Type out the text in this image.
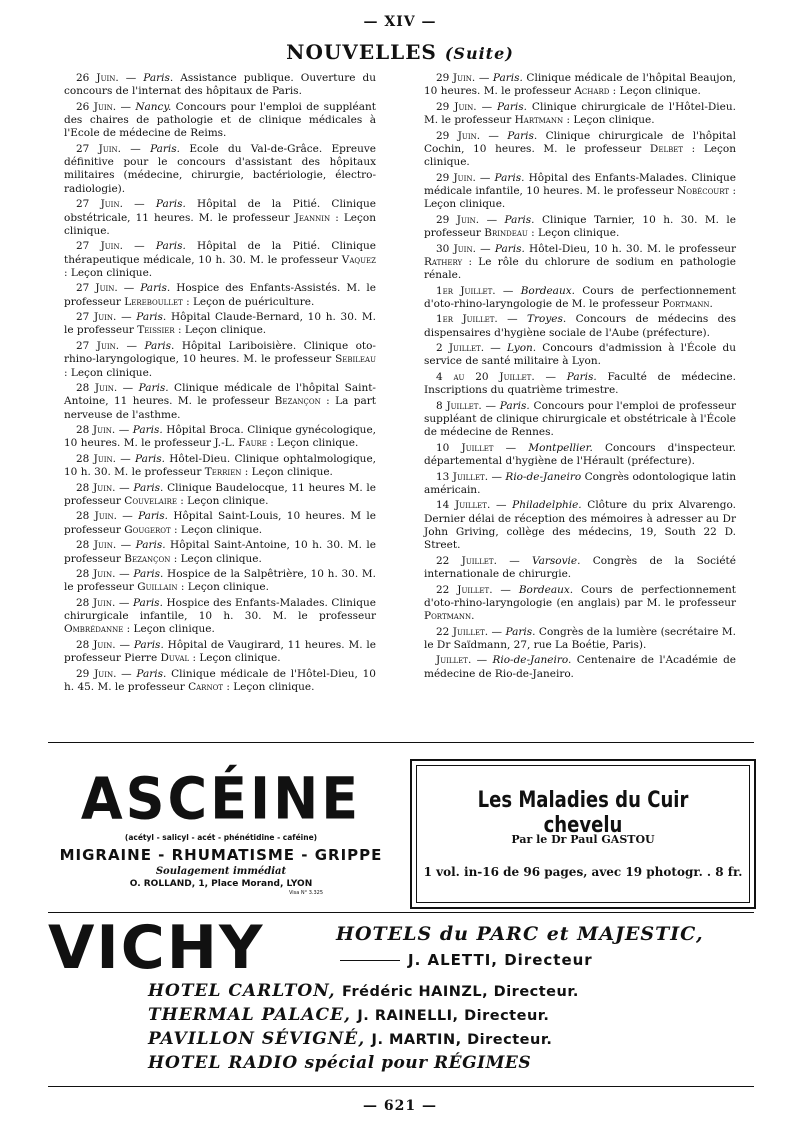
— XIV —
NOUVELLES (Suite)

26 Juin. — Paris. Assistance publique. Ouverture du concours de l'internat des hôpitaux de Paris.

26 Juin. — Nancy. Concours pour l'emploi de suppléant des chaires de pathologie et de clinique médicales à l'Ecole de médecine de Reims.

27 Juin. — Paris. Ecole du Val-de-Grâce. Epreuve définitive pour le concours d'assistant des hôpitaux militaires (médecine, chirurgie, bactériologie, électro-radiologie).

27 Juin. — Paris. Hôpital de la Pitié. Clinique obstétricale, 11 heures. M. le professeur Jeannin : Leçon clinique.

27 Juin. — Paris. Hôpital de la Pitié. Clinique thérapeutique médicale, 10 h. 30. M. le professeur Vaquez : Leçon clinique.

27 Juin. — Paris. Hospice des Enfants-Assistés. M. le professeur Lereboullet : Leçon de puériculture.

27 Juin. — Paris. Hôpital Claude-Bernard, 10 h. 30. M. le professeur Teissier : Leçon clinique.

27 Juin. — Paris. Hôpital Lariboisière. Clinique oto-rhino-laryngologique, 10 heures. M. le professeur Sebileau : Leçon clinique.

28 Juin. — Paris. Clinique médicale de l'hôpital Saint-Antoine, 11 heures. M. le professeur Bezançon : La part nerveuse de l'asthme.

28 Juin. — Paris. Hôpital Broca. Clinique gynécologique, 10 heures. M. le professeur J.-L. Faure : Leçon clinique.

28 Juin. — Paris. Hôtel-Dieu. Clinique ophtalmologique, 10 h. 30. M. le professeur Terrien : Leçon clinique.

28 Juin. — Paris. Clinique Baudelocque, 11 heures M. le professeur Couvelaire : Leçon clinique.

28 Juin. — Paris. Hôpital Saint-Louis, 10 heures. M le professeur Gougerot : Leçon clinique.

28 Juin. — Paris. Hôpital Saint-Antoine, 10 h. 30. M. le professeur Bezançon : Leçon clinique.

28 Juin. — Paris. Hospice de la Salpêtrière, 10 h. 30. M. le professeur Guillain : Leçon clinique.

28 Juin. — Paris. Hospice des Enfants-Malades. Clinique chirurgicale infantile, 10 h. 30. M. le professeur Ombrédanne : Leçon clinique.

28 Juin. — Paris. Hôpital de Vaugirard, 11 heures. M. le professeur Pierre Duval : Leçon clinique.

29 Juin. — Paris. Clinique médicale de l'Hôtel-Dieu, 10 h. 45. M. le professeur Carnot : Leçon clinique.

29 Juin. — Paris. Clinique médicale de l'hôpital Beaujon, 10 heures. M. le professeur Achard : Leçon clinique.

29 Juin. — Paris. Clinique chirurgicale de l'Hôtel-Dieu. M. le professeur Hartmann : Leçon clinique.

29 Juin. — Paris. Clinique chirurgicale de l'hôpital Cochin, 10 heures. M. le professeur Delbet : Leçon clinique.

29 Juin. — Paris. Hôpital des Enfants-Malades. Clinique médicale infantile, 10 heures. M. le professeur Nobécourt : Leçon clinique.

29 Juin. — Paris. Clinique Tarnier, 10 h. 30. M. le professeur Brindeau : Leçon clinique.

30 Juin. — Paris. Hôtel-Dieu, 10 h. 30. M. le professeur Rathery : Le rôle du chlorure de sodium en pathologie rénale.

1er Juillet. — Bordeaux. Cours de perfectionnement d'oto-rhino-laryngologie de M. le professeur Portmann.

1er Juillet. — Troyes. Concours de médecins des dispensaires d'hygiène sociale de l'Aube (préfecture).

2 Juillet. — Lyon. Concours d'admission à l'École du service de santé militaire à Lyon.

4 au 20 Juillet. — Paris. Faculté de médecine. Inscriptions du quatrième trimestre.

8 Juillet. — Paris. Concours pour l'emploi de professeur suppléant de clinique chirurgicale et obstétricale à l'École de médecine de Rennes.

10 Juillet — Montpellier. Concours d'inspecteur. départemental d'hygiène de l'Hérault (préfecture).

13 Juillet. — Rio-de-Janeiro Congrès odontologique latin américain.

14 Juillet. — Philadelphie. Clôture du prix Alvarengo. Dernier délai de réception des mémoires à adresser au Dr John Griving, collège des médecins, 19, South 22 D. Street.

22 Juillet. — Varsovie. Congrès de la Société internationale de chirurgie.

22 Juillet. — Bordeaux. Cours de perfectionnement d'oto-rhino-laryngologie (en anglais) par M. le professeur Portmann.

22 Juillet. — Paris. Congrès de la lumière (secrétaire M. le Dr Saïdmann, 27, rue La Boétie, Paris).

Juillet. — Rio-de-Janeiro. Centenaire de l'Académie de médecine de Rio-de-Janeiro.

ASCÉINE
(acétyl - salicyl - acét - phénétidine - caféine)
MIGRAINE - RHUMATISME - GRIPPE
Soulagement immédiat
O. ROLLAND, 1, Place Morand, LYON
Visa N° 3.325
Les Maladies du Cuir chevelu
Par le Dr Paul GASTOU
1 vol. in-16 de 96 pages, avec 19 photogr. . 8 fr.
VICHY	HOTELS du PARC et MAJESTIC,
J. ALETTI, Directeur
HOTEL CARLTON, Frédéric HAINZL, Directeur.
THERMAL PALACE, J. RAINELLI, Directeur.
PAVILLON SÉVIGNÉ, J. MARTIN, Directeur.
HOTEL RADIO spécial pour RÉGIMES
— 621 —
